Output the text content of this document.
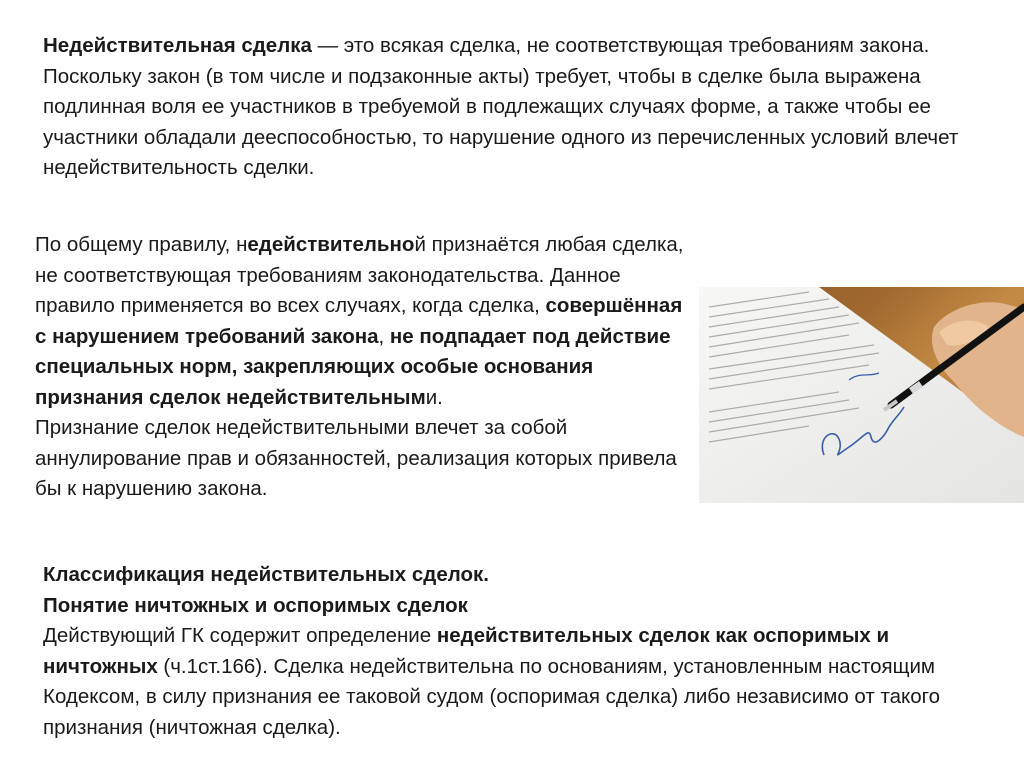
Недействительная сделка — это всякая сделка, не соответствующая требованиям закона.

Поскольку закон (в том числе и подзаконные акты) требует, чтобы в сделке была выражена подлинная воля ее участников в требуемой в подлежащих случаях форме, а также чтобы ее участники обладали дееспособностью, то нарушение одного из перечисленных условий влечет недействительность сделки.

По общему правилу, недействительной признаётся любая сделка, не соответствующая требованиям законодательства. Данное правило применяется во всех случаях, когда сделка, совершённая с нарушением требований закона, не подпадает под действие специальных норм, закрепляющих особые основания признания сделок недействительными.

Признание сделок недействительными влечет за собой аннулирование прав и обязанностей, реализация которых привела бы к нарушению закона.

Классификация недействительных сделок.

Понятие ничтожных и оспоримых сделок

Действующий ГК содержит определение недействительных сделок как оспоримых и ничтожных (ч.1ст.166). Сделка недействительна по основаниям, установленным настоящим Кодексом, в силу признания ее таковой судом (оспоримая сделка) либо независимо от такого признания (ничтожная сделка).
